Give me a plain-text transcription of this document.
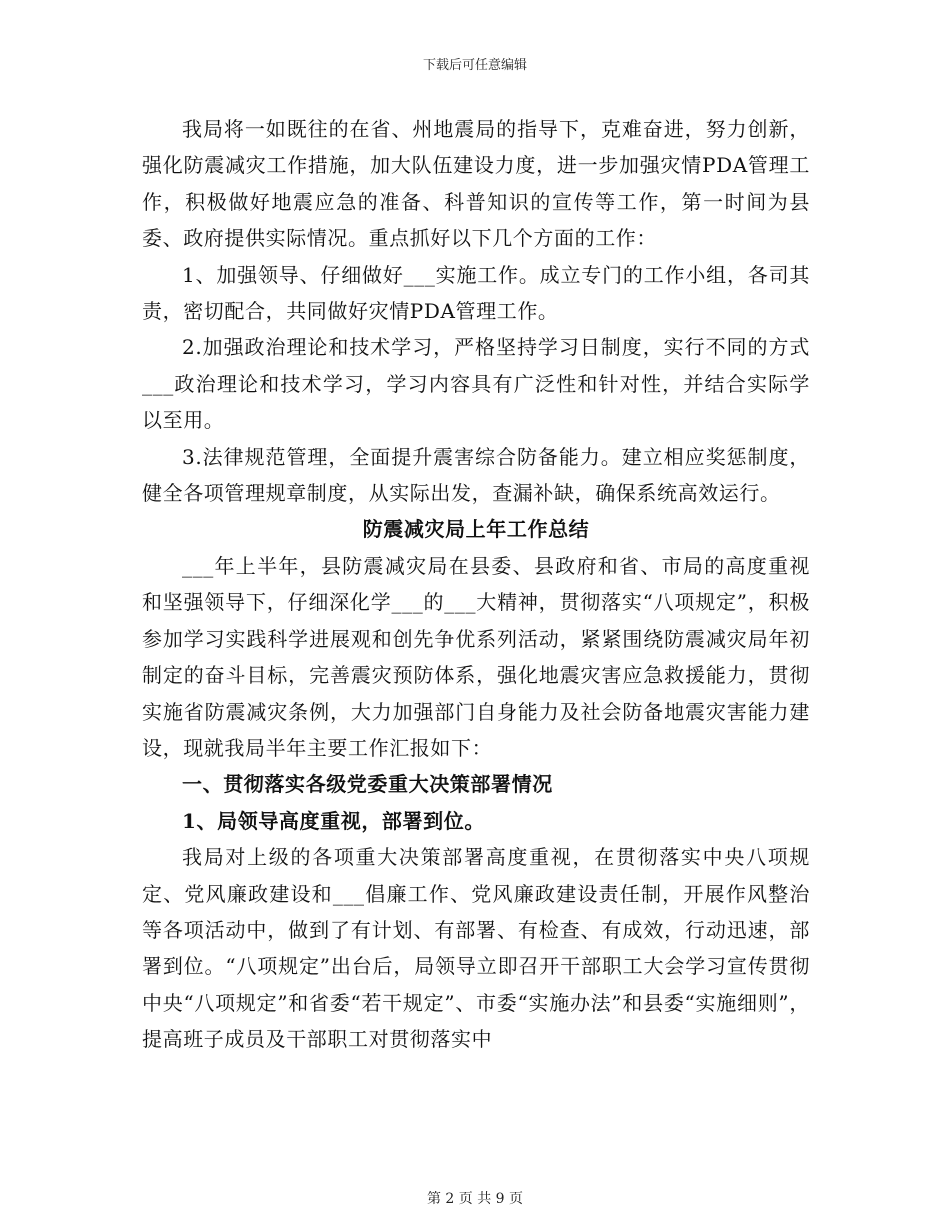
下载后可任意编辑

我局将一如既往的在省、州地震局的指导下，克难奋进，努力创新，强化防震减灾工作措施，加大队伍建设力度，进一步加强灾情PDA管理工作，积极做好地震应急的准备、科普知识的宣传等工作，第一时间为县委、政府提供实际情况。重点抓好以下几个方面的工作：

1、加强领导、仔细做好___实施工作。成立专门的工作小组，各司其责，密切配合，共同做好灾情PDA管理工作。

2.加强政治理论和技术学习，严格坚持学习日制度，实行不同的方式___政治理论和技术学习，学习内容具有广泛性和针对性，并结合实际学以至用。

3.法律规范管理，全面提升震害综合防备能力。建立相应奖惩制度，健全各项管理规章制度，从实际出发，查漏补缺，确保系统高效运行。

防震减灾局上年工作总结

___年上半年，县防震减灾局在县委、县政府和省、市局的高度重视和坚强领导下，仔细深化学___的___大精神，贯彻落实“八项规定”，积极参加学习实践科学进展观和创先争优系列活动，紧紧围绕防震减灾局年初制定的奋斗目标，完善震灾预防体系，强化地震灾害应急救援能力，贯彻实施省防震减灾条例，大力加强部门自身能力及社会防备地震灾害能力建设，现就我局半年主要工作汇报如下：

一、贯彻落实各级党委重大决策部署情况

1、局领导高度重视，部署到位。

我局对上级的各项重大决策部署高度重视，在贯彻落实中央八项规定、党风廉政建设和___倡廉工作、党风廉政建设责任制，开展作风整治等各项活动中，做到了有计划、有部署、有检查、有成效，行动迅速，部署到位。“八项规定”出台后，局领导立即召开干部职工大会学习宣传贯彻中央“八项规定”和省委“若干规定”、市委“实施办法”和县委“实施细则”，提高班子成员及干部职工对贯彻落实中

第 2 页 共 9 页
